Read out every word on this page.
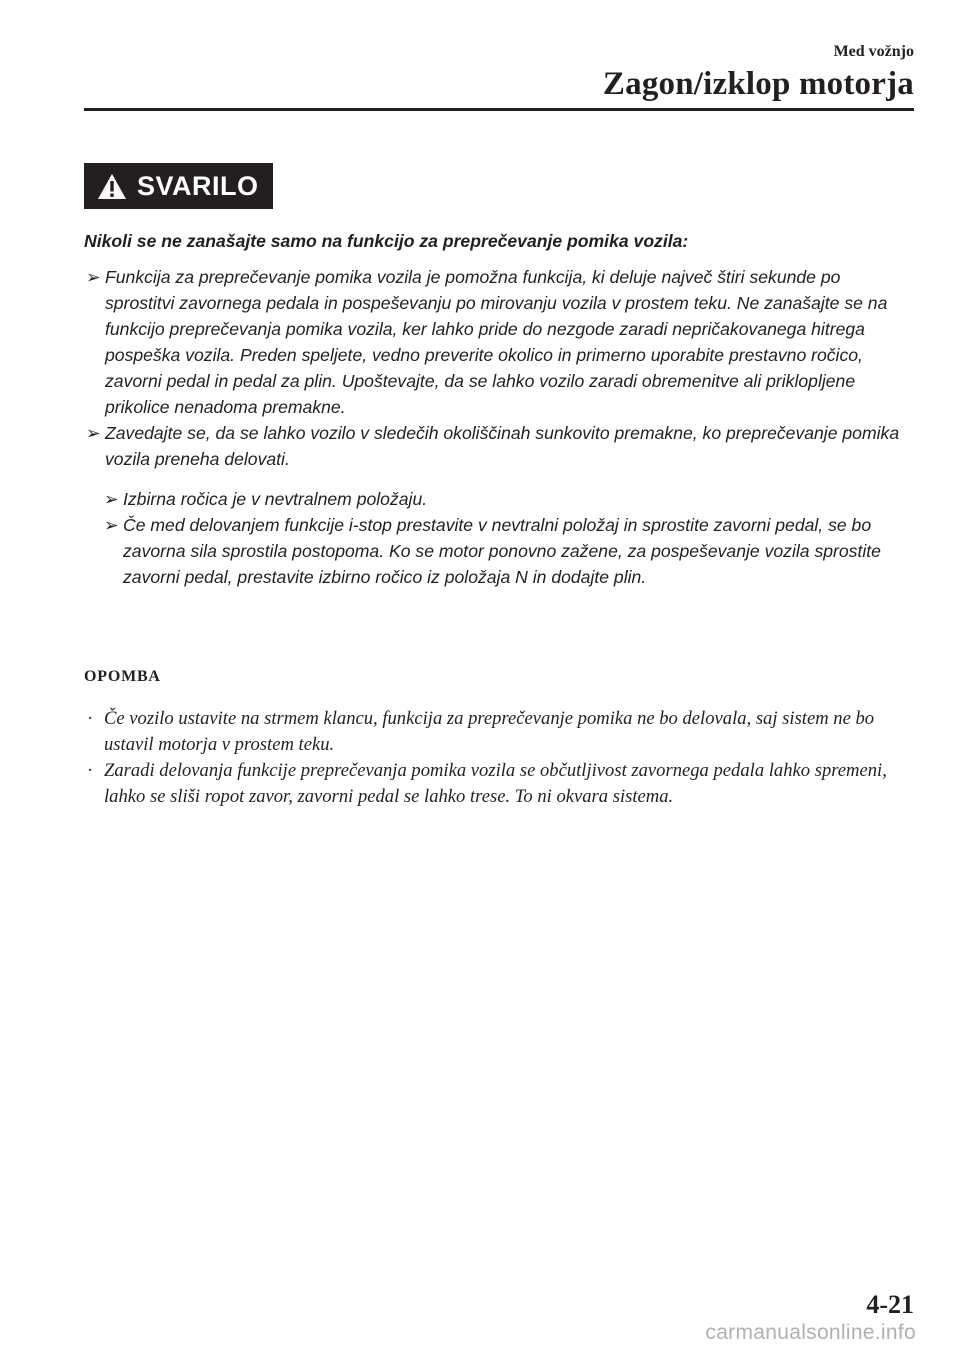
Med vožnjo
Zagon/izklop motorja
SVARILO

Nikoli se ne zanašajte samo na funkcijo za preprečevanje pomika vozila:

➢ Funkcija za preprečevanje pomika vozila je pomožna funkcija, ki deluje največ štiri sekunde po sprostitvi zavornega pedala in pospeševanju po mirovanju vozila v prostem teku. Ne zanašajte se na funkcijo preprečevanja pomika vozila, ker lahko pride do nezgode zaradi nepričakovanega hitrega pospeška vozila. Preden speljete, vedno preverite okolico in primerno uporabite prestavno ročico, zavorni pedal in pedal za plin. Upoštevajte, da se lahko vozilo zaradi obremenitve ali priklopljene prikolice nenadoma premakne.

➢ Zavedajte se, da se lahko vozilo v sledečih okoliščinah sunkovito premakne, ko preprečevanje pomika vozila preneha delovati.

➢ Izbirna ročica je v nevtralnem položaju.

➢ Če med delovanjem funkcije i-stop prestavite v nevtralni položaj in sprostite zavorni pedal, se bo zavorna sila sprostila postopoma. Ko se motor ponovno zažene, za pospeševanje vozila sprostite zavorni pedal, prestavite izbirno ročico iz položaja N in dodajte plin.

OPOMBA

· Če vozilo ustavite na strmem klancu, funkcija za preprečevanje pomika ne bo delovala, saj sistem ne bo ustavil motorja v prostem teku.

· Zaradi delovanja funkcije preprečevanja pomika vozila se občutljivost zavornega pedala lahko spremeni, lahko se sliši ropot zavor, zavorni pedal se lahko trese. To ni okvara sistema.

4-21
carmanualsonline.info
